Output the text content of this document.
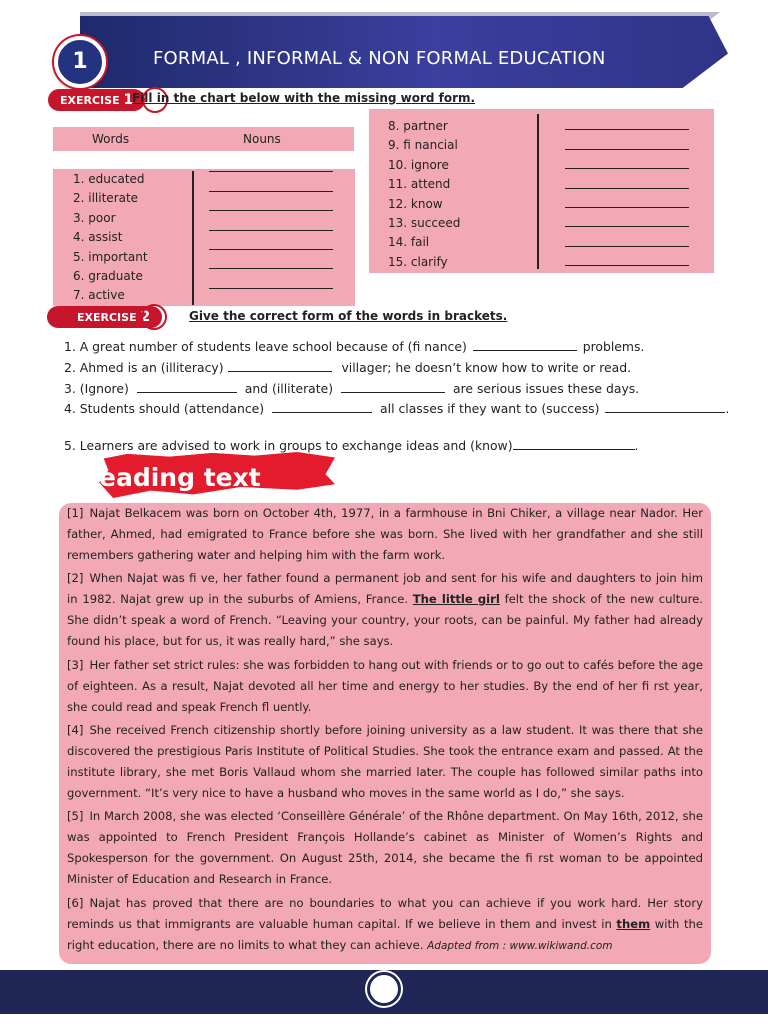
1	FORMAL , INFORMAL & NON FORMAL EDUCATION
EXERCISE 1
Fill in the chart below with the missing word form.
Words	Nouns
1. educated
2. illiterate
3. poor
4. assist
5. important
6. graduate
7. active
8. partner
9. fi nancial
10. ignore
11. attend
12. know
13. succeed
14. fail
15. clarify
EXERCISE 2	Give the correct form of the words in brackets.
1. A great number of students leave school because of (fi nance)	problems.
2. Ahmed is an (illiteracy)	villager; he doesn’t know how to write or read.
3. (Ignore)	and (illiterate)	are serious issues these days.
4. Students should (attendance)	all classes if they want to (success)	.
5. Learners are advised to work in groups to exchange ideas and (know)	.
eading text
[1] Najat Belkacem was born on October 4th, 1977, in a farmhouse in Bni Chiker, a village near Nador. Her father, Ahmed, had emigrated to France before she was born. She lived with her grandfather and she still remembers gathering water and helping him with the farm work.
[2] When Najat was fi ve, her father found a permanent job and sent for his wife and daughters to join him in 1982. Najat grew up in the suburbs of Amiens, France. The little girl felt the shock of the new culture. She didn’t speak a word of French. “Leaving your country, your roots, can be painful. My father had already found his place, but for us, it was really hard,” she says.
[3] Her father set strict rules: she was forbidden to hang out with friends or to go out to cafés before the age of eighteen. As a result, Najat devoted all her time and energy to her studies. By the end of her fi rst year, she could read and speak French fl uently.
[4] She received French citizenship shortly before joining university as a law student. It was there that she discovered the prestigious Paris Institute of Political Studies. She took the entrance exam and passed. At the institute library, she met Boris Vallaud whom she married later. The couple has followed similar paths into government. “It’s very nice to have a husband who moves in the same world as I do,” she says.
[5] In March 2008, she was elected ‘Conseillère Générale’ of the Rhône department. On May 16th, 2012, she was appointed to French President François Hollande’s cabinet as Minister of Women’s Rights and Spokesperson for the government. On August 25th, 2014, she became the fi rst woman to be appointed Minister of Education and Research in France.
[6] Najat has proved that there are no boundaries to what you can achieve if you work hard. Her story reminds us that immigrants are valuable human capital. If we believe in them and invest in them with the right education, there are no limits to what they can achieve. Adapted from : www.wikiwand.com
